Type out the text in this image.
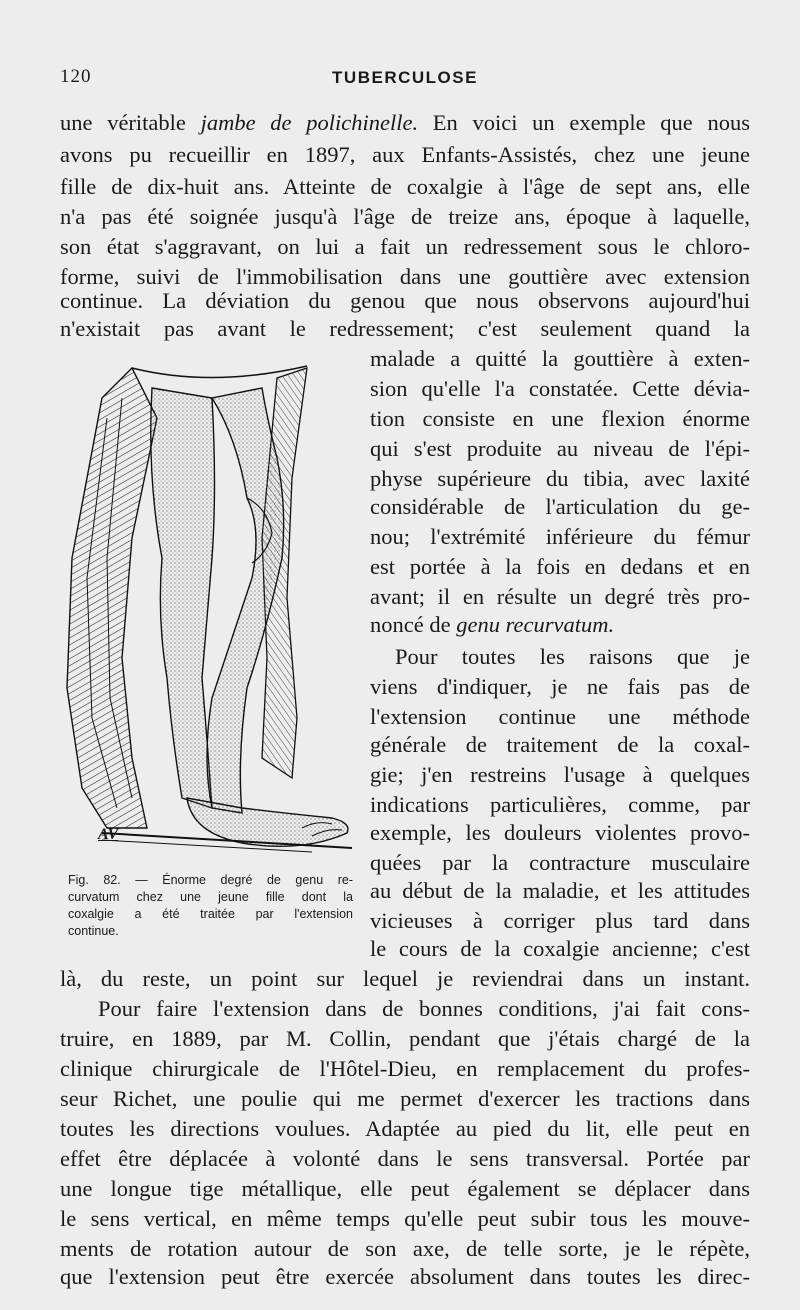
120	TUBERCULOSE
une véritable jambe de polichinelle. En voici un exemple que nous
avons pu recueillir en 1897, aux Enfants-Assistés, chez une jeune
fille de dix-huit ans. Atteinte de coxalgie à l'âge de sept ans, elle
n'a pas été soignée jusqu'à l'âge de treize ans, époque à laquelle,
son état s'aggravant, on lui a fait un redressement sous le chloro-
forme, suivi de l'immobilisation dans une gouttière avec extension
continue. La déviation du genou que nous observons aujourd'hui
n'existait pas avant le redressement; c'est seulement quand la
malade a quitté la gouttière à exten-
sion qu'elle l'a constatée. Cette dévia-
tion consiste en une flexion énorme
qui s'est produite au niveau de l'épi-
physe supérieure du tibia, avec laxité
considérable de l'articulation du ge-
nou; l'extrémité inférieure du fémur
est portée à la fois en dedans et en
avant; il en résulte un degré très pro-
noncé de genu recurvatum.
Pour toutes les raisons que je
viens d'indiquer, je ne fais pas de
l'extension continue une méthode
générale de traitement de la coxal-
gie; j'en restreins l'usage à quelques
indications particulières, comme, par
exemple, les douleurs violentes provo-
quées par la contracture musculaire
au début de la maladie, et les attitudes
vicieuses à corriger plus tard dans
le cours de la coxalgie ancienne; c'est
là, du reste, un point sur lequel je reviendrai dans un instant.
Pour faire l'extension dans de bonnes conditions, j'ai fait cons-
truire, en 1889, par M. Collin, pendant que j'étais chargé de la
clinique chirurgicale de l'Hôtel-Dieu, en remplacement du profes-
seur Richet, une poulie qui me permet d'exercer les tractions dans
toutes les directions voulues. Adaptée au pied du lit, elle peut en
effet être déplacée à volonté dans le sens transversal. Portée par
une longue tige métallique, elle peut également se déplacer dans
le sens vertical, en même temps qu'elle peut subir tous les mouve-
ments de rotation autour de son axe, de telle sorte, je le répète,
que l'extension peut être exercée absolument dans toutes les direc-
AV
Fig. 82. — Énorme degré de genu re-
curvatum chez une jeune fille dont la
coxalgie a été traitée par l'extension
continue.
